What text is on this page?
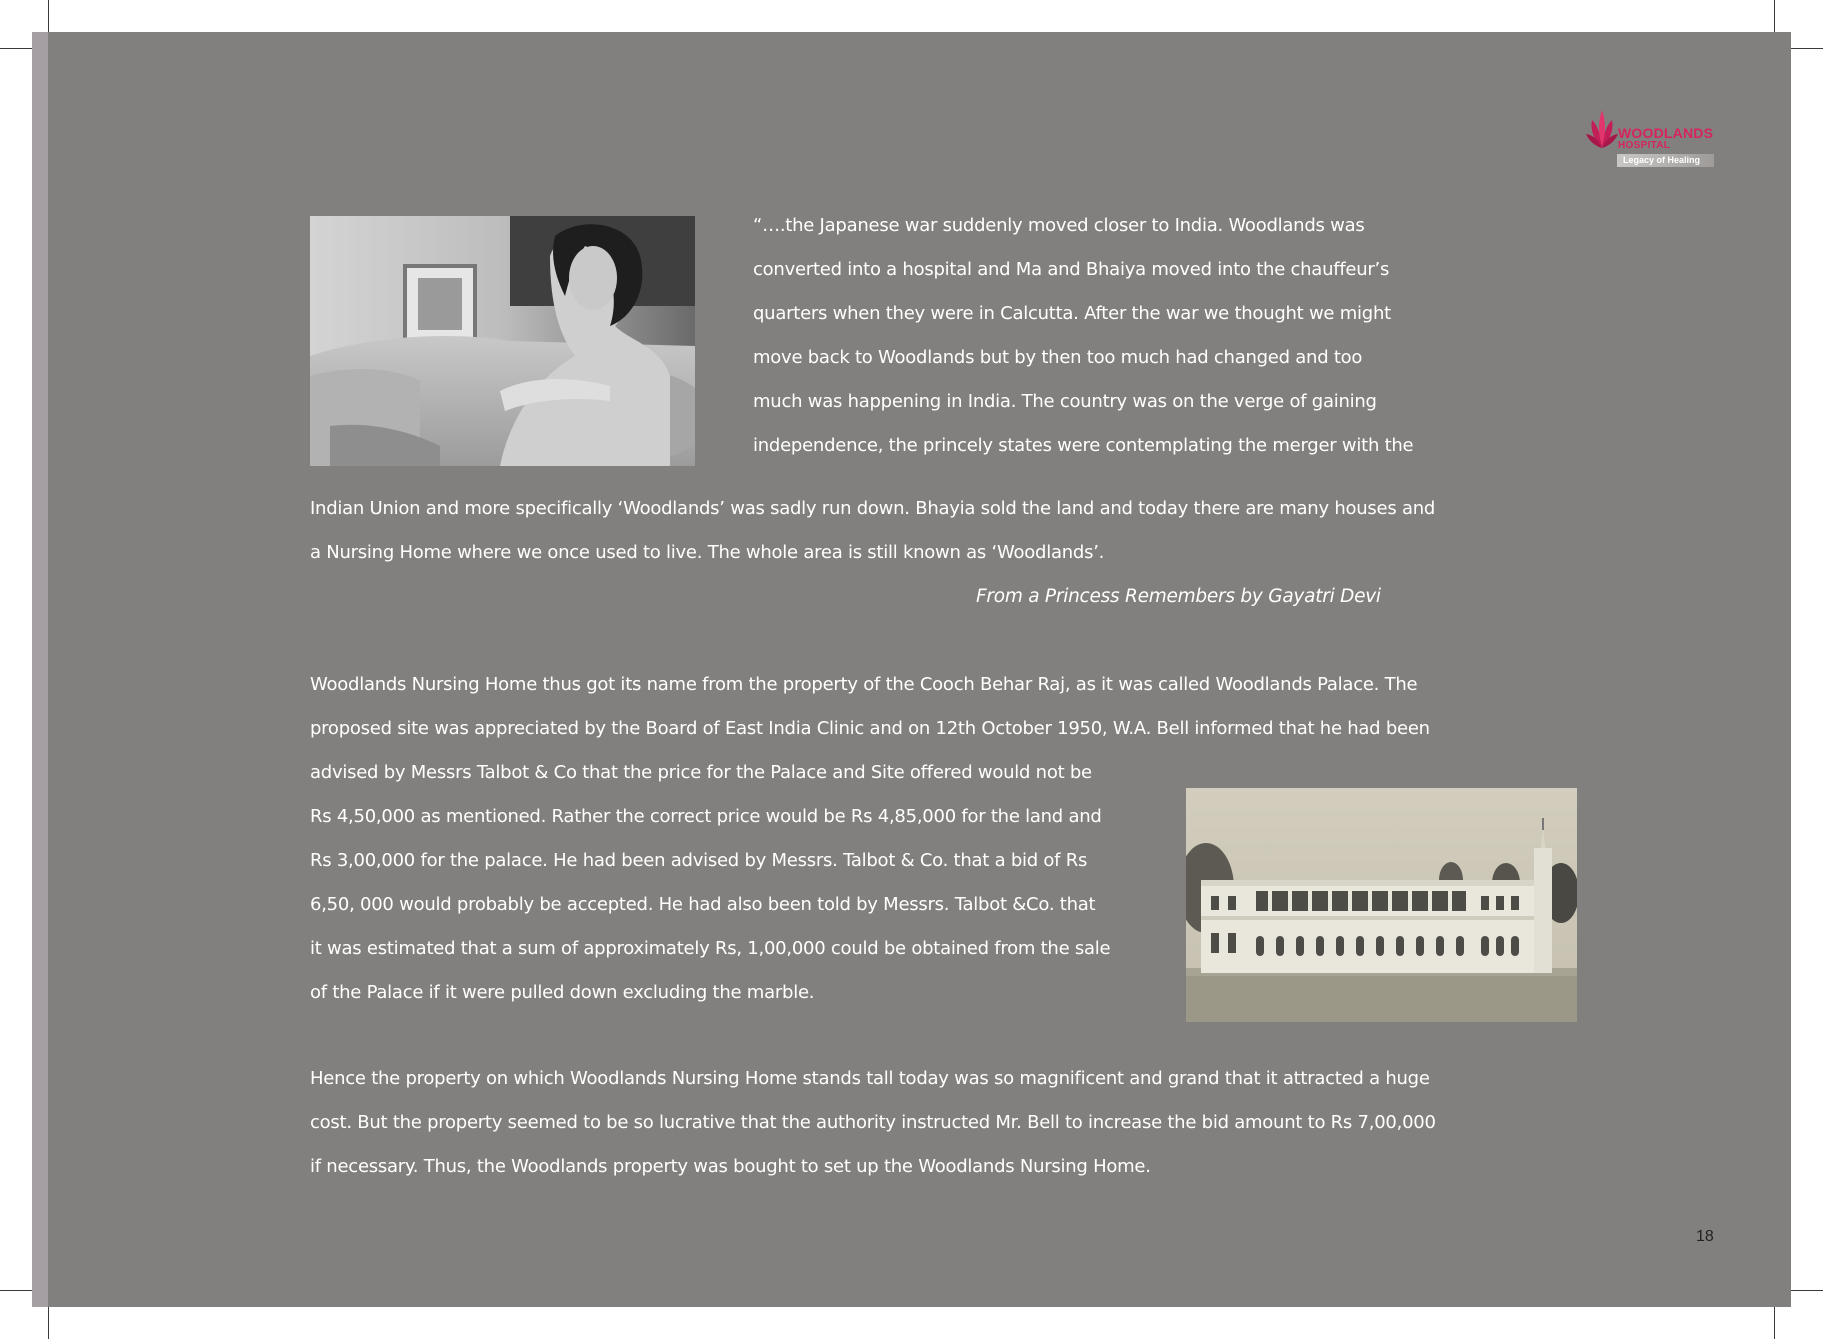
WOODLANDS

HOSPITAL

Legacy of Healing

“….the Japanese war suddenly moved closer to India. Woodlands was
converted into a hospital and Ma and Bhaiya moved into the chauffeur’s
quarters when they were in Calcutta. After the war we thought we might
move back to Woodlands but by then too much had changed and too
much was happening in India. The country was on the verge of gaining
independence, the princely states were contemplating the merger with the

Indian Union and more specifically ‘Woodlands’ was sadly run down. Bhayia sold the land and today there are many houses and
a Nursing Home where we once used to live. The whole area is still known as ‘Woodlands’.

From a Princess Remembers by Gayatri Devi

Woodlands Nursing Home thus got its name from the property of the Cooch Behar Raj, as it was called Woodlands Palace. The
proposed site was appreciated by the Board of East India Clinic and on 12th October 1950, W.A. Bell informed that he had been
advised by Messrs Talbot & Co that the price for the Palace and Site offered would not be
Rs 4,50,000 as mentioned. Rather the correct price would be Rs 4,85,000 for the land and
Rs 3,00,000 for the palace. He had been advised by Messrs. Talbot & Co. that a bid of Rs
6,50, 000 would probably be accepted. He had also been told by Messrs. Talbot &Co. that
it was estimated that a sum of approximately Rs, 1,00,000 could be obtained from the sale
of the Palace if it were pulled down excluding the marble.

Hence the property on which Woodlands Nursing Home stands tall today was so magnificent and grand that it attracted a huge
cost. But the property seemed to be so lucrative that the authority instructed Mr. Bell to increase the bid amount to Rs 7,00,000
if necessary. Thus, the Woodlands property was bought to set up the Woodlands Nursing Home.

18
